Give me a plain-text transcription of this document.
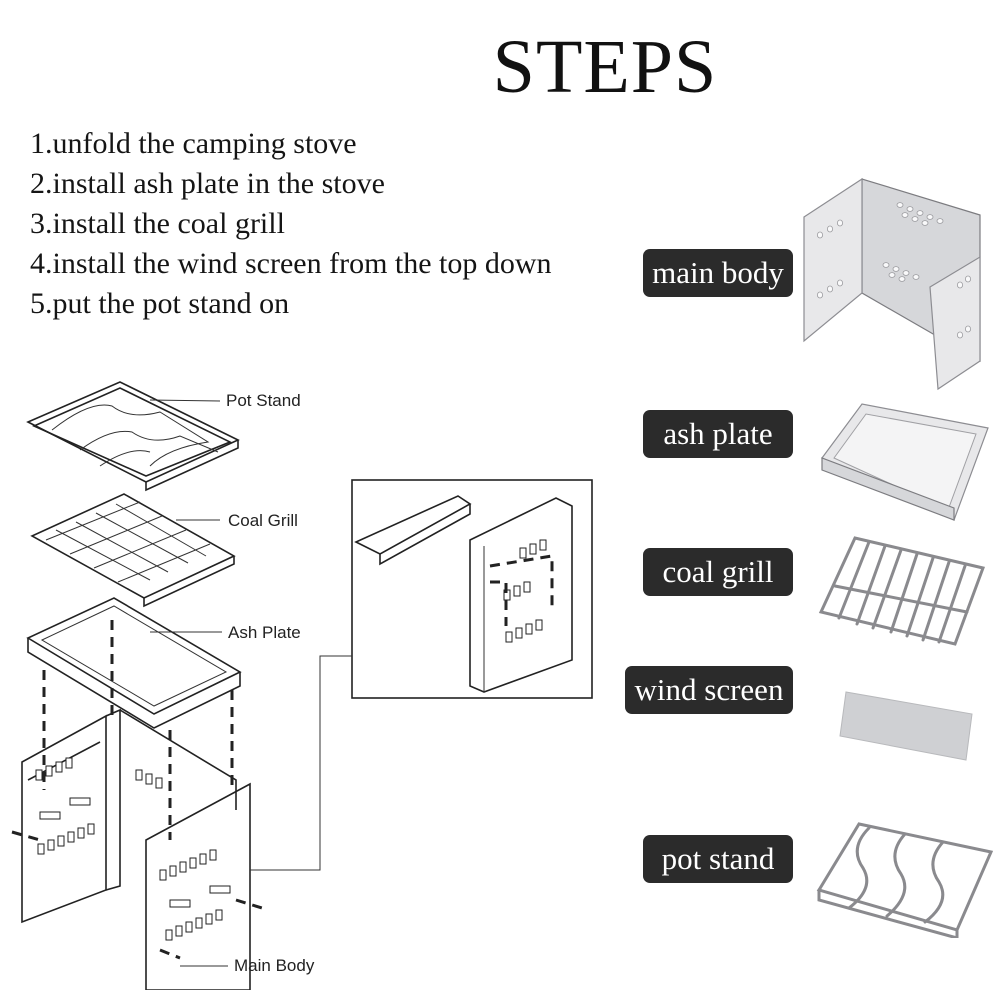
STEPS
1.unfold the camping stove
2.install ash plate in the stove
3.install the coal grill
4.install the wind screen from the top down
5.put the pot stand on
Pot Stand
Coal Grill
Ash Plate
Main Body
main body
ash plate
coal grill
wind screen
pot stand
